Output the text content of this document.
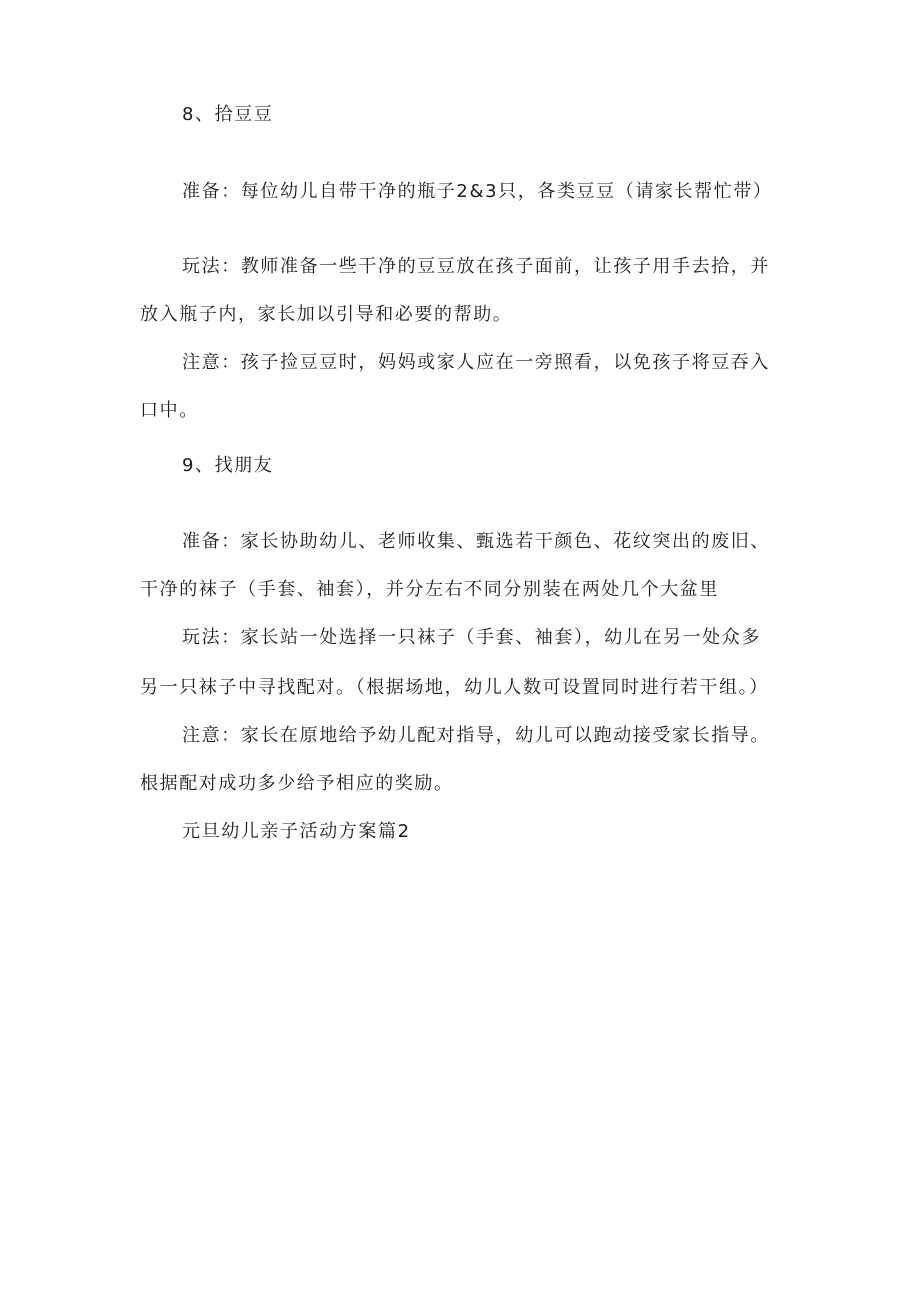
8、拾豆豆
准备：每位幼儿自带干净的瓶子2&3只，各类豆豆（请家长帮忙带）
玩法：教师准备一些干净的豆豆放在孩子面前，让孩子用手去拾，并
放入瓶子内，家长加以引导和必要的帮助。
注意：孩子捡豆豆时，妈妈或家人应在一旁照看，以免孩子将豆吞入
口中。
9、找朋友
准备：家长协助幼儿、老师收集、甄选若干颜色、花纹突出的废旧、
干净的袜子（手套、袖套），并分左右不同分别装在两处几个大盆里
玩法：家长站一处选择一只袜子（手套、袖套），幼儿在另一处众多
另一只袜子中寻找配对。（根据场地，幼儿人数可设置同时进行若干组。）
注意：家长在原地给予幼儿配对指导，幼儿可以跑动接受家长指导。
根据配对成功多少给予相应的奖励。
元旦幼儿亲子活动方案篇2
